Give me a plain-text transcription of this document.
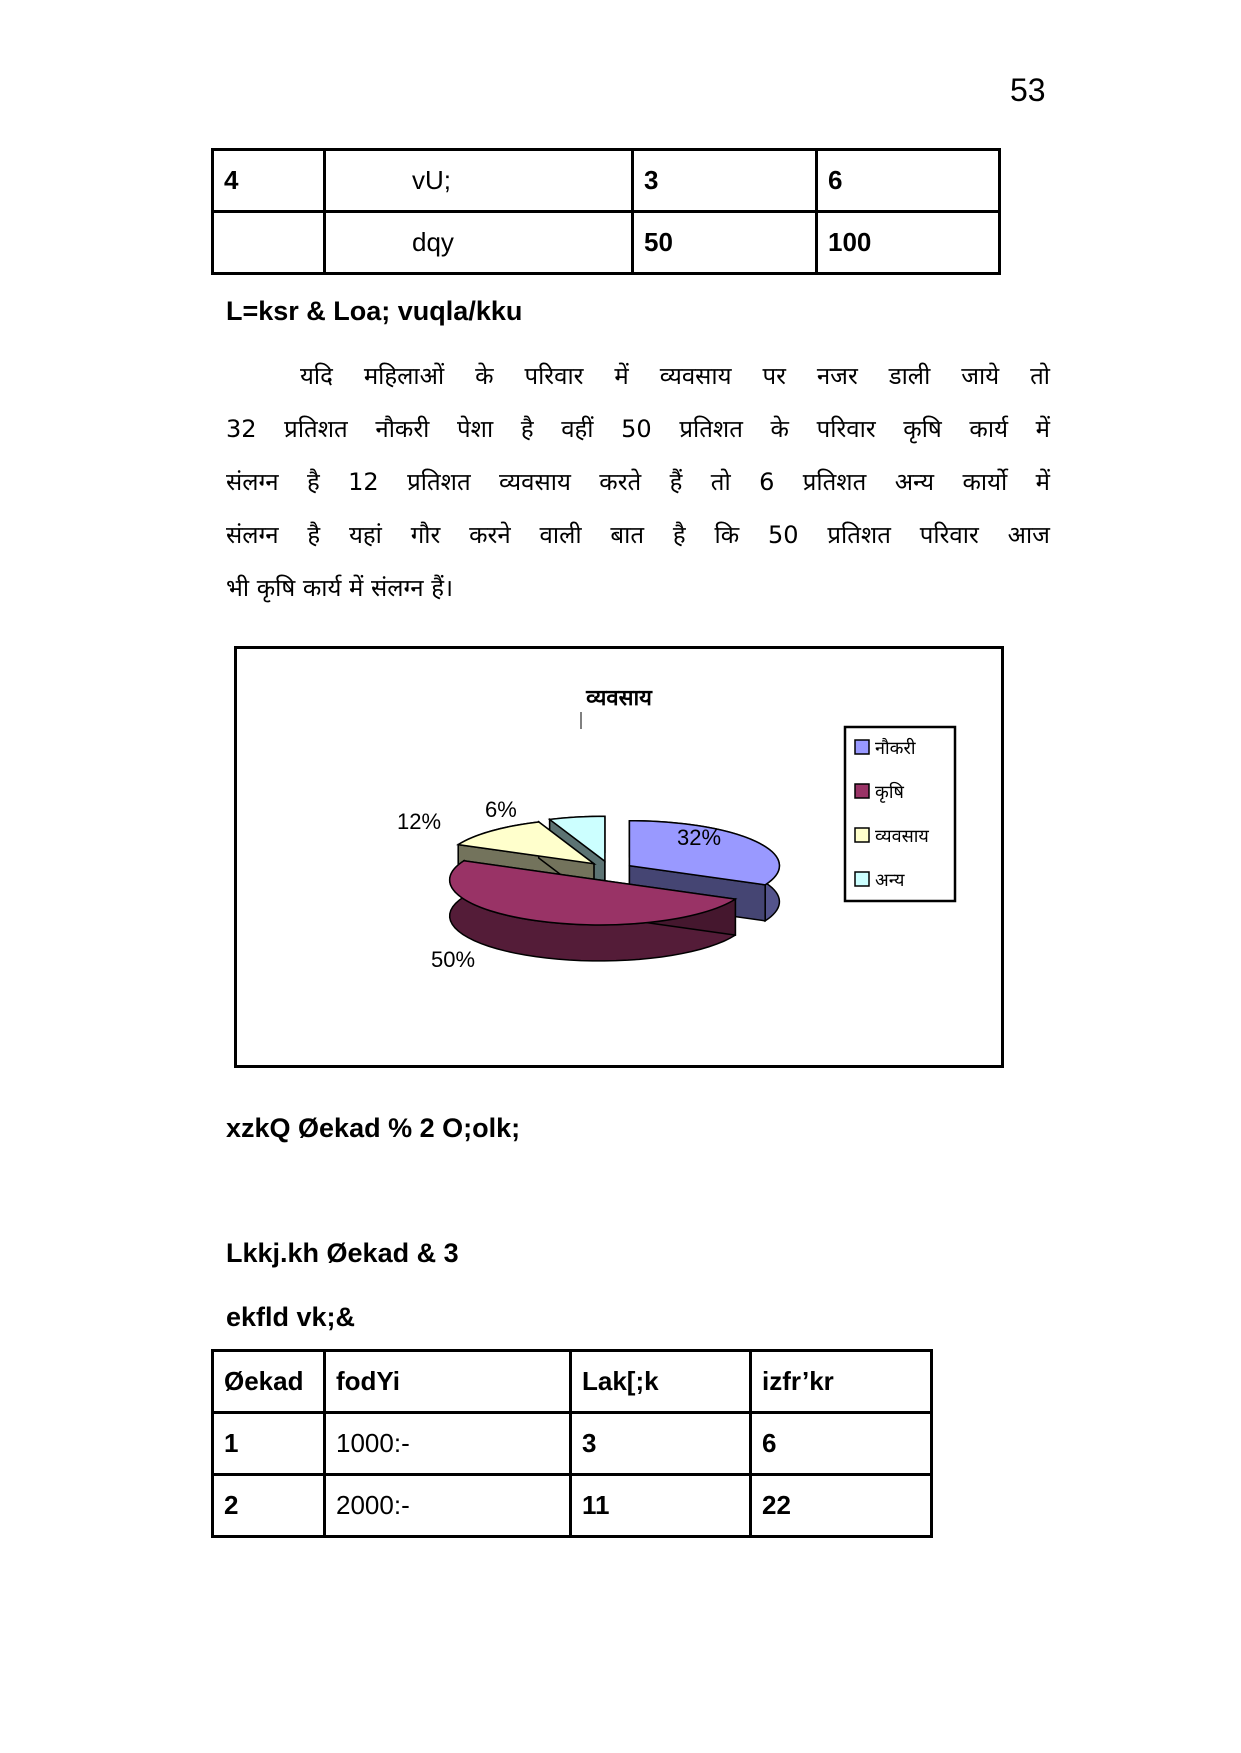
53
4	vU;	3	6
	dqy	50	100
L=ksr & Loa; vuqla/kku
यदि महिलाओं के परिवार में व्यवसाय पर नजर डाली जाये तो
32 प्रतिशत नौकरी पेशा है वहीं 50 प्रतिशत के परिवार कृषि कार्य में
संलग्न है 12 प्रतिशत व्यवसाय करते हैं तो 6 प्रतिशत अन्य कार्यो में
संलग्न है यहां गौर करने वाली बात है कि 50 प्रतिशत परिवार आज
भी कृषि कार्य में संलग्न हैं।
व्यवसाय
32%
50%
12% 6%
नौकरी
कृषि
व्यवसाय
अन्य
xzkQ Øekad % 2 O;olk;
Lkkj.kh Øekad & 3
ekfld vk;&
Øekad	fodYi	Lak[;k	izfr’kr
1	1000:-	3	6
2	2000:-	11	22
